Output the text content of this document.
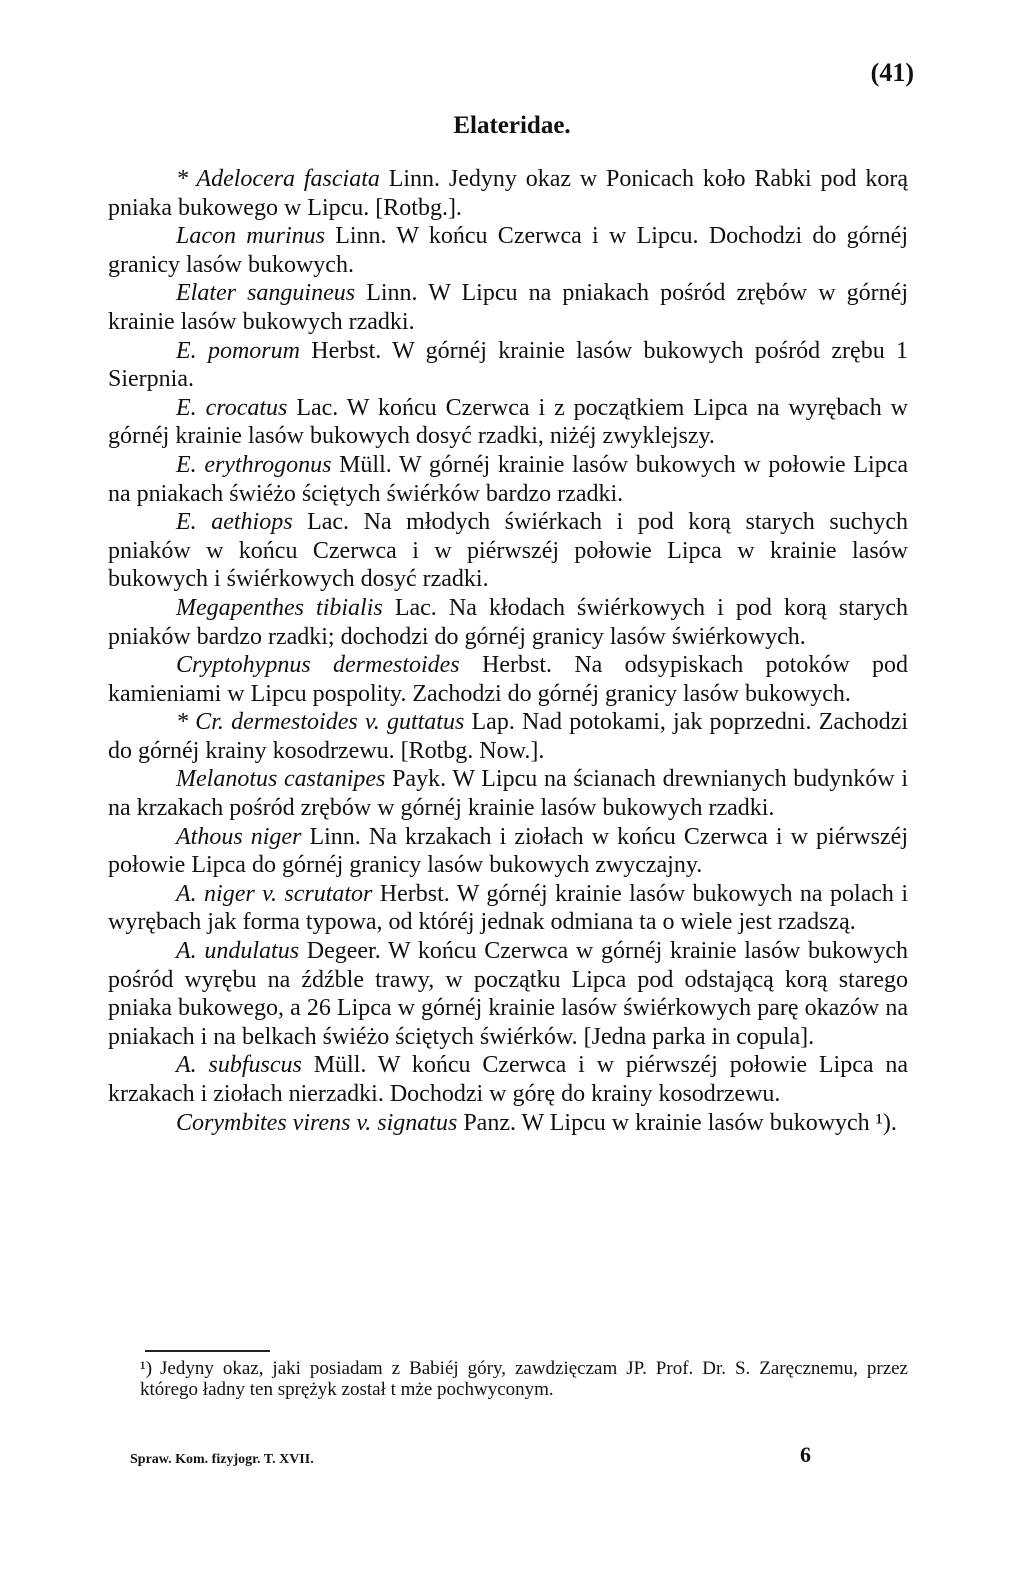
(41)
Elateridae.

* Adelocera fasciata Linn. Jedyny okaz w Ponicach koło Rabki pod korą pniaka bukowego w Lipcu. [Rotbg.].

Lacon murinus Linn. W końcu Czerwca i w Lipcu. Dochodzi do górnéj granicy lasów bukowych.

Elater sanguineus Linn. W Lipcu na pniakach pośród zrębów w górnéj krainie lasów bukowych rzadki.

E. pomorum Herbst. W górnéj krainie lasów bukowych pośród zrębu 1 Sierpnia.

E. crocatus Lac. W końcu Czerwca i z początkiem Lipca na wyrębach w górnéj krainie lasów bukowych dosyć rzadki, niżéj zwyklejszy.

E. erythrogonus Müll. W górnéj krainie lasów bukowych w połowie Lipca na pniakach świéżo ściętych świérków bardzo rzadki.

E. aethiops Lac. Na młodych świérkach i pod korą starych suchych pniaków w końcu Czerwca i w piérwszéj połowie Lipca w krainie lasów bukowych i świérkowych dosyć rzadki.

Megapenthes tibialis Lac. Na kłodach świérkowych i pod korą starych pniaków bardzo rzadki; dochodzi do górnéj granicy lasów świérkowych.

Cryptohypnus dermestoides Herbst. Na odsypiskach potoków pod kamieniami w Lipcu pospolity. Zachodzi do górnéj granicy lasów bukowych.

* Cr. dermestoides v. guttatus Lap. Nad potokami, jak poprzedni. Zachodzi do górnéj krainy kosodrzewu. [Rotbg. Now.].

Melanotus castanipes Payk. W Lipcu na ścianach drewnianych budynków i na krzakach pośród zrębów w górnéj krainie lasów bukowych rzadki.

Athous niger Linn. Na krzakach i ziołach w końcu Czerwca i w piérwszéj połowie Lipca do górnéj granicy lasów bukowych zwyczajny.

A. niger v. scrutator Herbst. W górnéj krainie lasów bukowych na polach i wyrębach jak forma typowa, od któréj jednak odmiana ta o wiele jest rzadszą.

A. undulatus Degeer. W końcu Czerwca w górnéj krainie lasów bukowych pośród wyrębu na źdźble trawy, w początku Lipca pod odstającą korą starego pniaka bukowego, a 26 Lipca w górnéj krainie lasów świérkowych parę okazów na pniakach i na belkach świéżo ściętych świérków. [Jedna parka in copula].

A. subfuscus Müll. W końcu Czerwca i w piérwszéj połowie Lipca na krzakach i ziołach nierzadki. Dochodzi w górę do krainy kosodrzewu.

Corymbites virens v. signatus Panz. W Lipcu w krainie lasów bukowych ¹).

¹) Jedyny okaz, jaki posiadam z Babiéj góry, zawdzięczam JP. Prof. Dr. S. Zaręcznemu, przez którego ładny ten sprężyk został t mże pochwyconym.
Spraw. Kom. fizyjogr. T. XVII.	6
